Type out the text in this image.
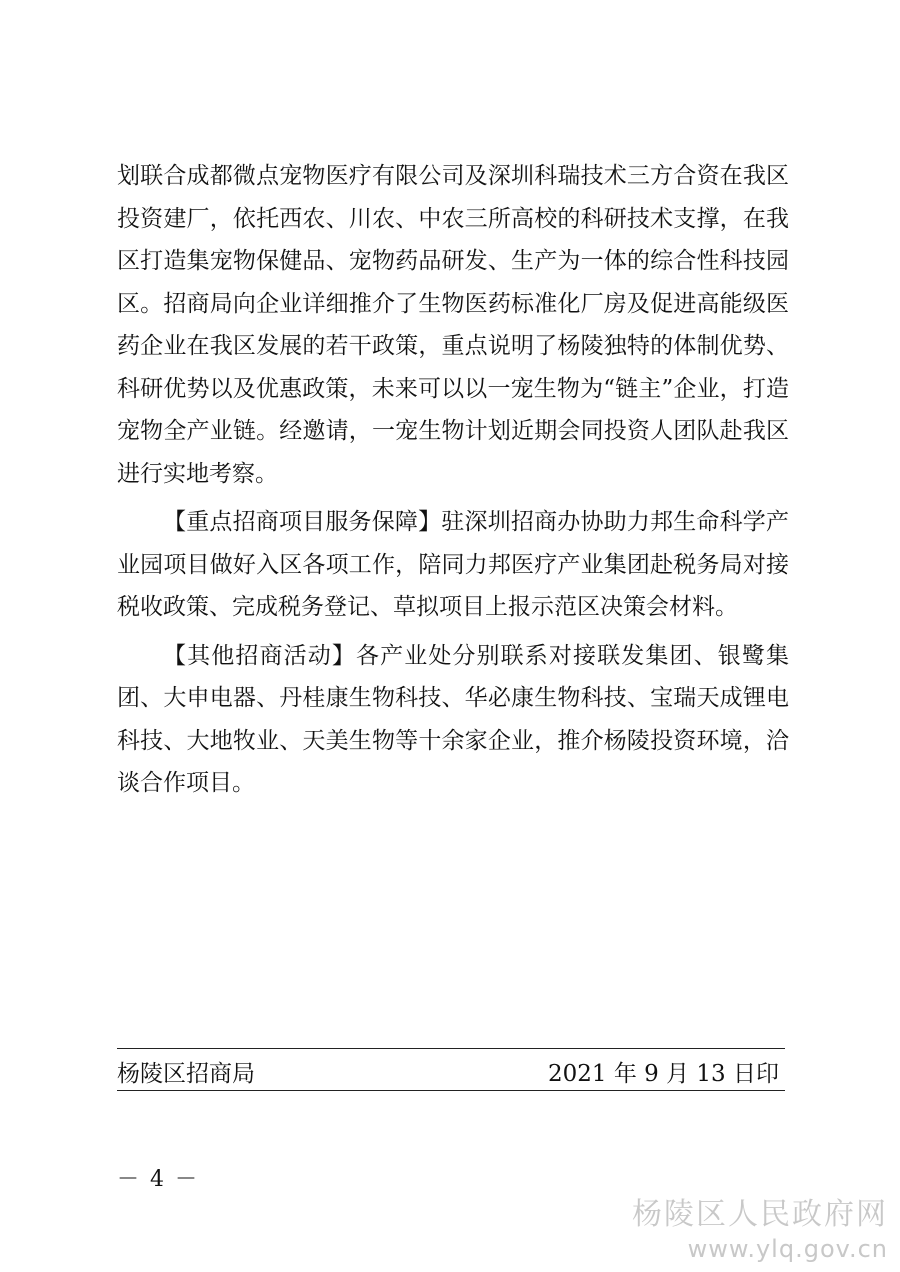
划联合成都微点宠物医疗有限公司及深圳科瑞技术三方合资在我区投资建厂，依托西农、川农、中农三所高校的科研技术支撑，在我区打造集宠物保健品、宠物药品研发、生产为一体的综合性科技园区。招商局向企业详细推介了生物医药标准化厂房及促进高能级医药企业在我区发展的若干政策，重点说明了杨陵独特的体制优势、科研优势以及优惠政策，未来可以以一宠生物为“链主”企业，打造宠物全产业链。经邀请，一宠生物计划近期会同投资人团队赴我区进行实地考察。

【重点招商项目服务保障】驻深圳招商办协助力邦生命科学产业园项目做好入区各项工作，陪同力邦医疗产业集团赴税务局对接税收政策、完成税务登记、草拟项目上报示范区决策会材料。

【其他招商活动】各产业处分别联系对接联发集团、银鹭集团、大申电器、丹桂康生物科技、华必康生物科技、宝瑞天成锂电科技、大地牧业、天美生物等十余家企业，推介杨陵投资环境，洽谈合作项目。

杨陵区招商局	2021 年 9 月 13 日印
－ 4 －
杨陵区人民政府网
www.ylq.gov.cn
